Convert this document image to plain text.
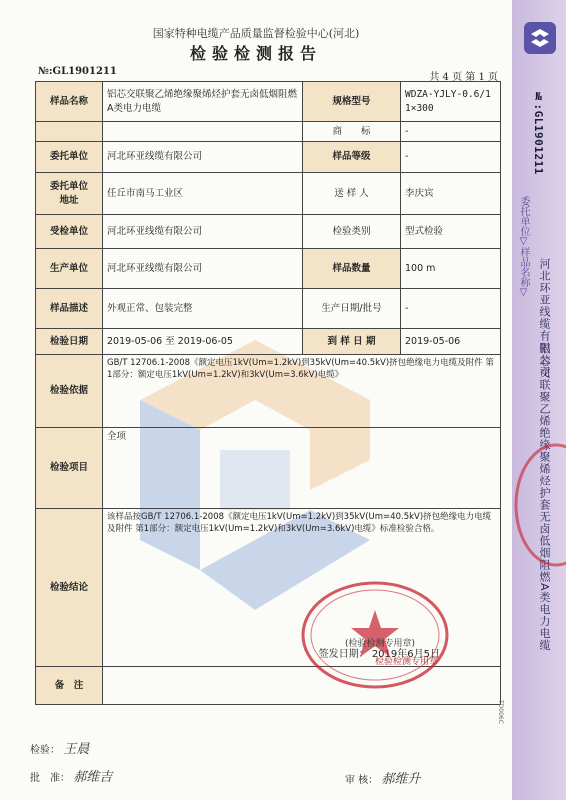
国家特种电缆产品质量监督检验中心(河北)
检验检测报告
№:GL1901211
共 4 页 第 1 页
样品名称	铝芯交联聚乙烯绝缘聚烯烃护套无卤低烟阻燃A类电力电缆	规格型号	WDZA-YJLY-0.6/1 1×300
		商　　标	-
委托单位	河北环亚线缆有限公司	样品等级	-
委托单位
地址	任丘市南马工业区	送 样 人	李庆宾
受检单位	河北环亚线缆有限公司	检验类别	型式检验
生产单位	河北环亚线缆有限公司	样品数量	100 m
样品描述	外观正常、包装完整	生产日期/批号	-
检验日期	2019-05-06 至 2019-06-05	到 样 日 期	2019-05-06
检验依据	GB/T 12706.1-2008《额定电压1kV(Um=1.2kV)到35kV(Um=40.5kV)挤包绝缘电力电缆及附件 第1部分：额定电压1kV(Um=1.2kV)和3kV(Um=3.6kV)电缆》		
检验项目	全项		
检验结论	该样品按GB/T 12706.1-2008《额定电压1kV(Um=1.2kV)到35kV(Um=40.5kV)挤包绝缘电力电缆及附件 第1部分：额定电压1kV(Um=1.2kV)和3kV(Um=3.6kV)电缆》标准检验合格。
签发日期： 2019年6月5日		

备　注			
(检验检测专用章)
检验检测专用章
检验： 王晨
批　准： 郝维吉	审 核： 郝维升
TD006C
№:GL1901211
委托单位▽样品名称▽
河北环亚线缆有限公司
铝芯交联聚乙烯绝缘聚烯烃护套无卤低烟阻燃A类电力电缆
